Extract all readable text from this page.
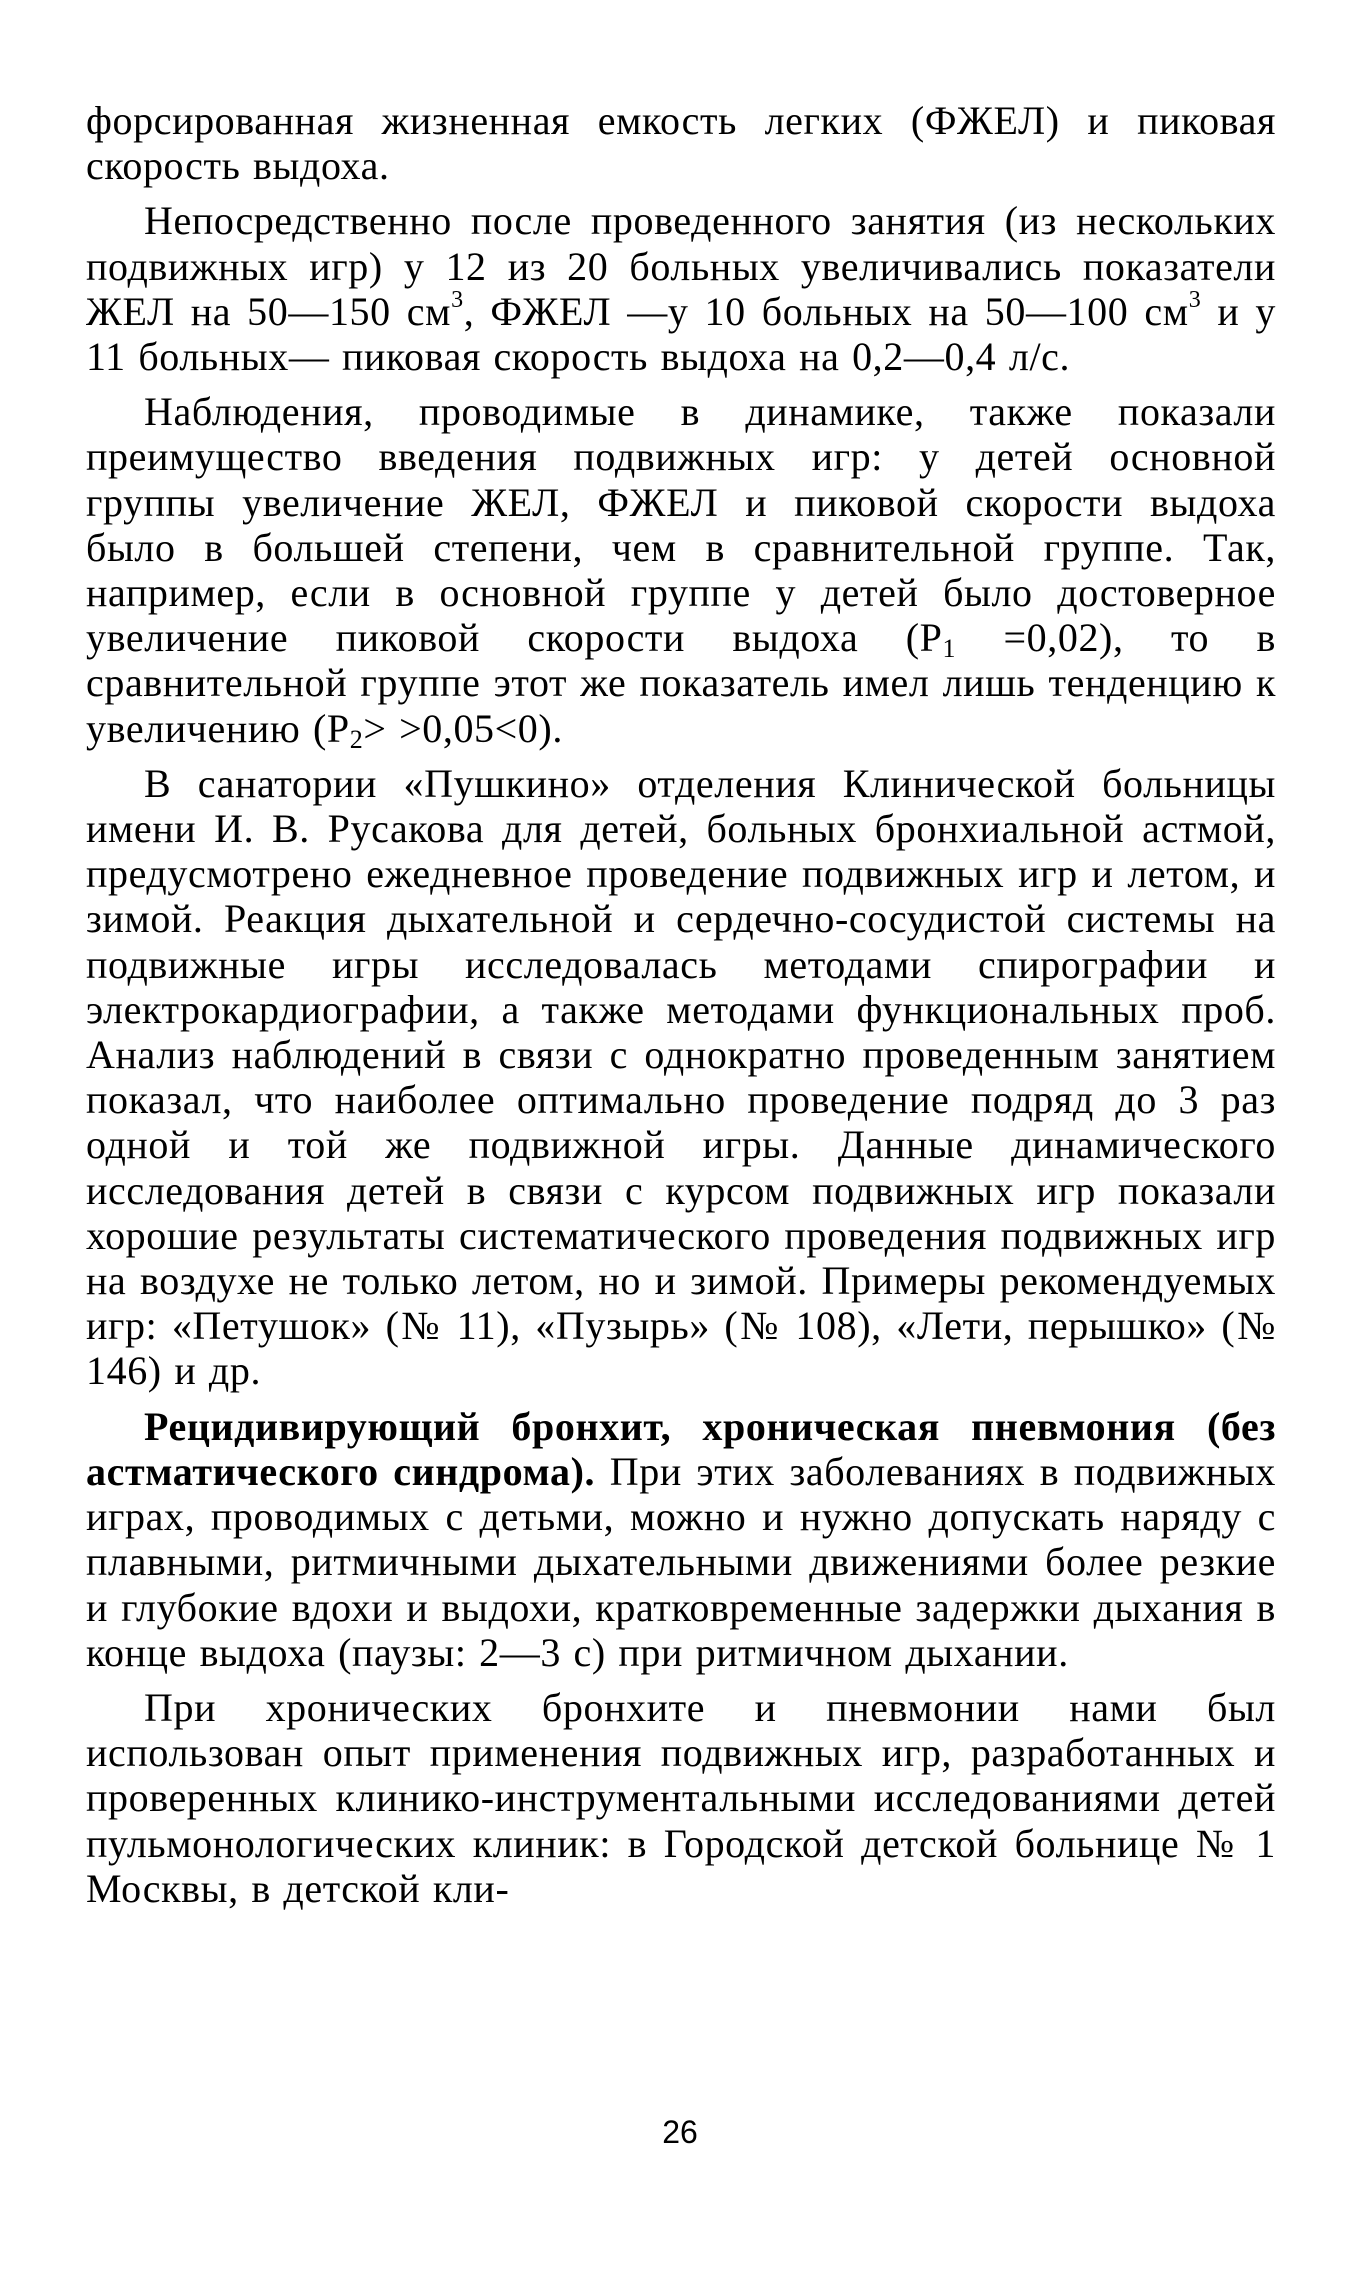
форсированная жизненная емкость легких (ФЖЕЛ) и пиковая скорость выдоха.

Непосредственно после проведенного занятия (из нескольких подвижных игр) у 12 из 20 больных увеличивались показатели ЖЕЛ на 50—150 $см^3$, ФЖЕЛ —у 10 больных на 50—100 $см^3$ и у 11 больных— пиковая скорость выдоха на 0,2—0,4 л/с.

Наблюдения, проводимые в динамике, также показали преимущество введения подвижных игр: у детей основной группы увеличение ЖЕЛ, ФЖЕЛ и пиковой скорости выдоха было в большей степени, чем в сравнительной группе. Так, например, если в основной группе у детей было достоверное увеличение пиковой скорости выдоха $(Р_1 =0,02)$, то в сравнительной группе этот же показатель имел лишь тенденцию к увеличению $(Р_2> >0,05<0)$.

В санатории «Пушкино» отделения Клинической больницы имени И. В. Русакова для детей, больных бронхиальной астмой, предусмотрено ежедневное проведение подвижных игр и летом, и зимой. Реакция дыхательной и сердечно-сосудистой системы на подвижные игры исследовалась методами спирографии и электрокардиографии, а также методами функциональных проб. Анализ наблюдений в связи с однократно проведенным занятием показал, что наиболее оптимально проведение подряд до 3 раз одной и той же подвижной игры. Данные динамического исследования детей в связи с курсом подвижных игр показали хорошие результаты систематического проведения подвижных игр на воздухе не только летом, но и зимой. Примеры рекомендуемых игр: «Петушок» (№ 11), «Пузырь» (№ 108), «Лети, перышко» (№ 146) и др.

Рецидивирующий бронхит, хроническая пневмония (без астматического синдрома). При этих заболеваниях в подвижных играх, проводимых с детьми, можно и нужно допускать наряду с плавными, ритмичными дыхательными движениями более резкие и глубокие вдохи и выдохи, кратковременные задержки дыхания в конце выдоха (паузы: 2—3 с) при ритмичном дыхании.

При хронических бронхите и пневмонии нами был использован опыт применения подвижных игр, разработанных и проверенных клинико-инструментальными исследованиями детей пульмонологических клиник: в Городской детской больнице № 1 Москвы, в детской кли-

26
